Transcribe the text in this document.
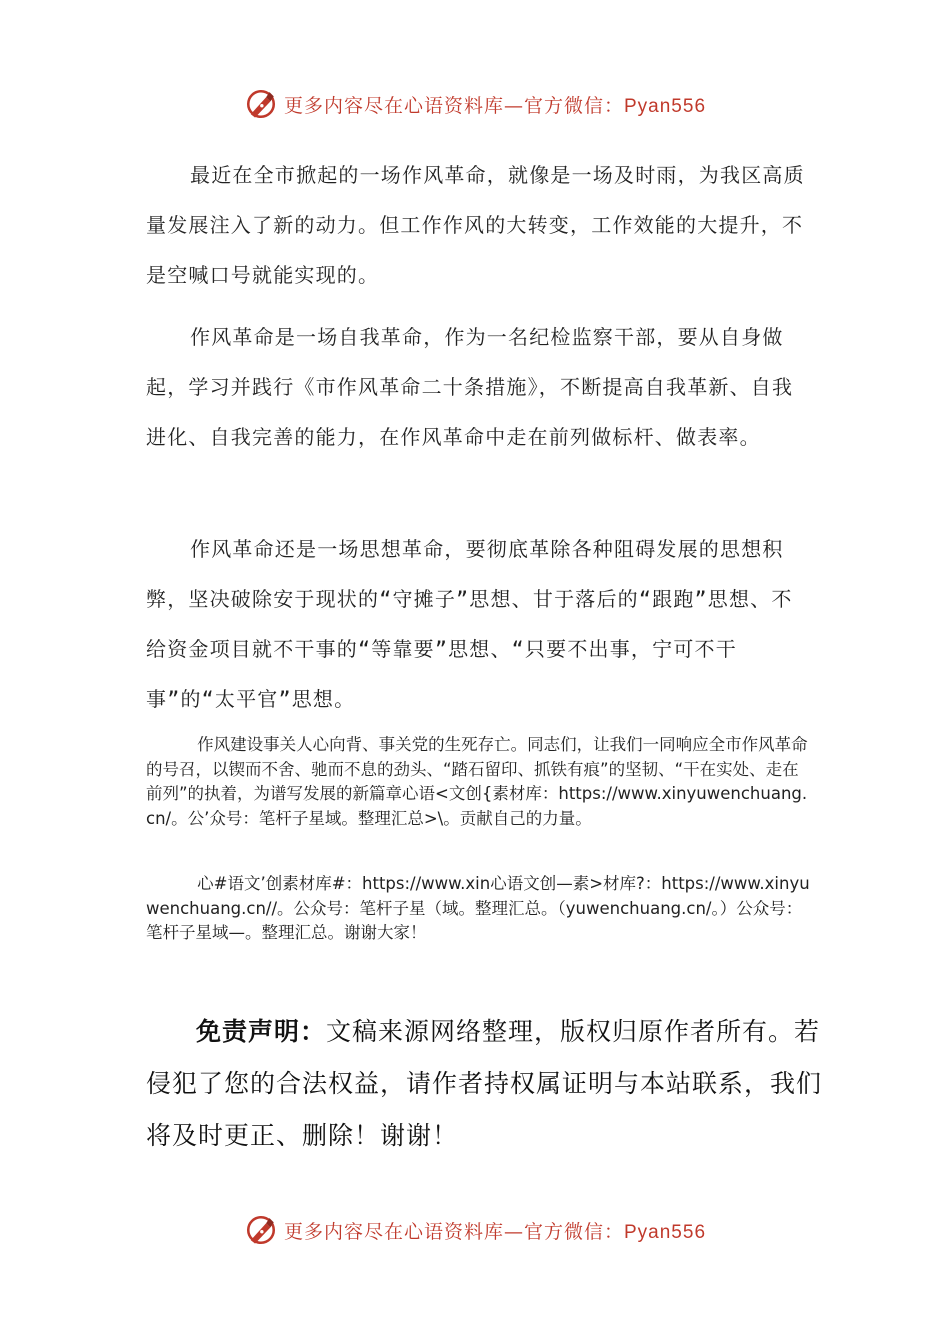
更多内容尽在心语资料库—官方微信：Pyan556

最近在全市掀起的一场作风革命，就像是一场及时雨，为我区高质量发展注入了新的动力。但工作作风的大转变，工作效能的大提升，不是空喊口号就能实现的。

作风革命是一场自我革命，作为一名纪检监察干部，要从自身做起，学习并践行《市作风革命二十条措施》，不断提高自我革新、自我进化、自我完善的能力，在作风革命中走在前列做标杆、做表率。

作风革命还是一场思想革命，要彻底革除各种阻碍发展的思想积弊，坚决破除安于现状的“守摊子”思想、甘于落后的“跟跑”思想、不给资金项目就不干事的“等靠要”思想、“只要不出事，宁可不干事”的“太平官”思想。

作风建设事关人心向背、事关党的生死存亡。同志们，让我们一同响应全市作风革命的号召，以锲而不舍、驰而不息的劲头、“踏石留印、抓铁有痕”的坚韧、“干在实处、走在前列”的执着，为谱写发展的新篇章心语<文创{素材库：https://www.xinyuwenchuang.cn/。公’众号：笔杆子星域。整理汇总>\。贡献自己的力量。

心#语文’创素材库#：https://www.xin心语文创—素>材库?：https://www.xinyuwenchuang.cn//。公众号：笔杆子星（域。整理汇总。（yuwenchuang.cn/。）公众号：笔杆子星域—。整理汇总。谢谢大家！

免责声明：文稿来源网络整理，版权归原作者所有。若侵犯了您的合法权益，请作者持权属证明与本站联系，我们将及时更正、删除！谢谢！

更多内容尽在心语资料库—官方微信：Pyan556
